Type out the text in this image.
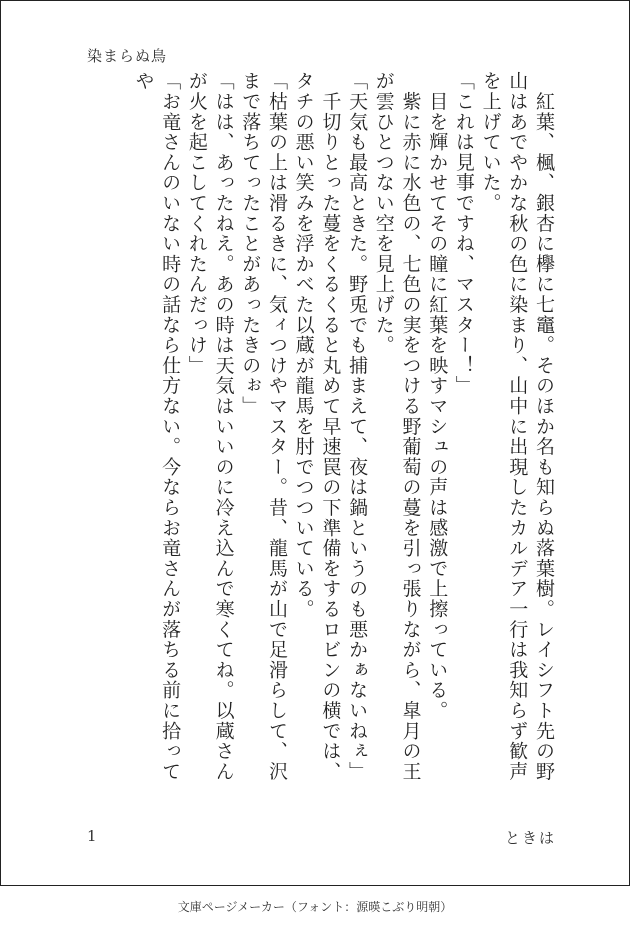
染まらぬ鳥

　紅葉、楓、銀杏に欅に七竈。そのほか名も知らぬ落葉樹。レイシフト先の野山はあでやかな秋の色に染まり、山中に出現したカルデア一行は我知らず歓声を上げていた。

「これは見事ですね、マスター！」

　目を輝かせてその瞳に紅葉を映すマシュの声は感激で上擦っている。

　紫に赤に水色の、七色の実をつける野葡萄の蔓を引っ張りながら、皐月の王が雲ひとつない空を見上げた。

「天気も最高ときた。野兎でも捕まえて、夜は鍋というのも悪かぁないねぇ」

　千切りとった蔓をくるくると丸めて早速罠の下準備をするロビンの横では、タチの悪い笑みを浮かべた以蔵が龍馬を肘でつついている。

「枯葉の上は滑るきに、気ィつけやマスター。昔、龍馬が山で足滑らして、沢まで落ちてったことがあったきのぉ」

「はは、あったねえ。あの時は天気はいいのに冷え込んで寒くてね。以蔵さんが火を起こしてくれたんだっけ」

「お竜さんのいない時の話なら仕方ない。今ならお竜さんが落ちる前に拾ってや

1	ときは
文庫ページメーカー（フォント：源暎こぶり明朝）
